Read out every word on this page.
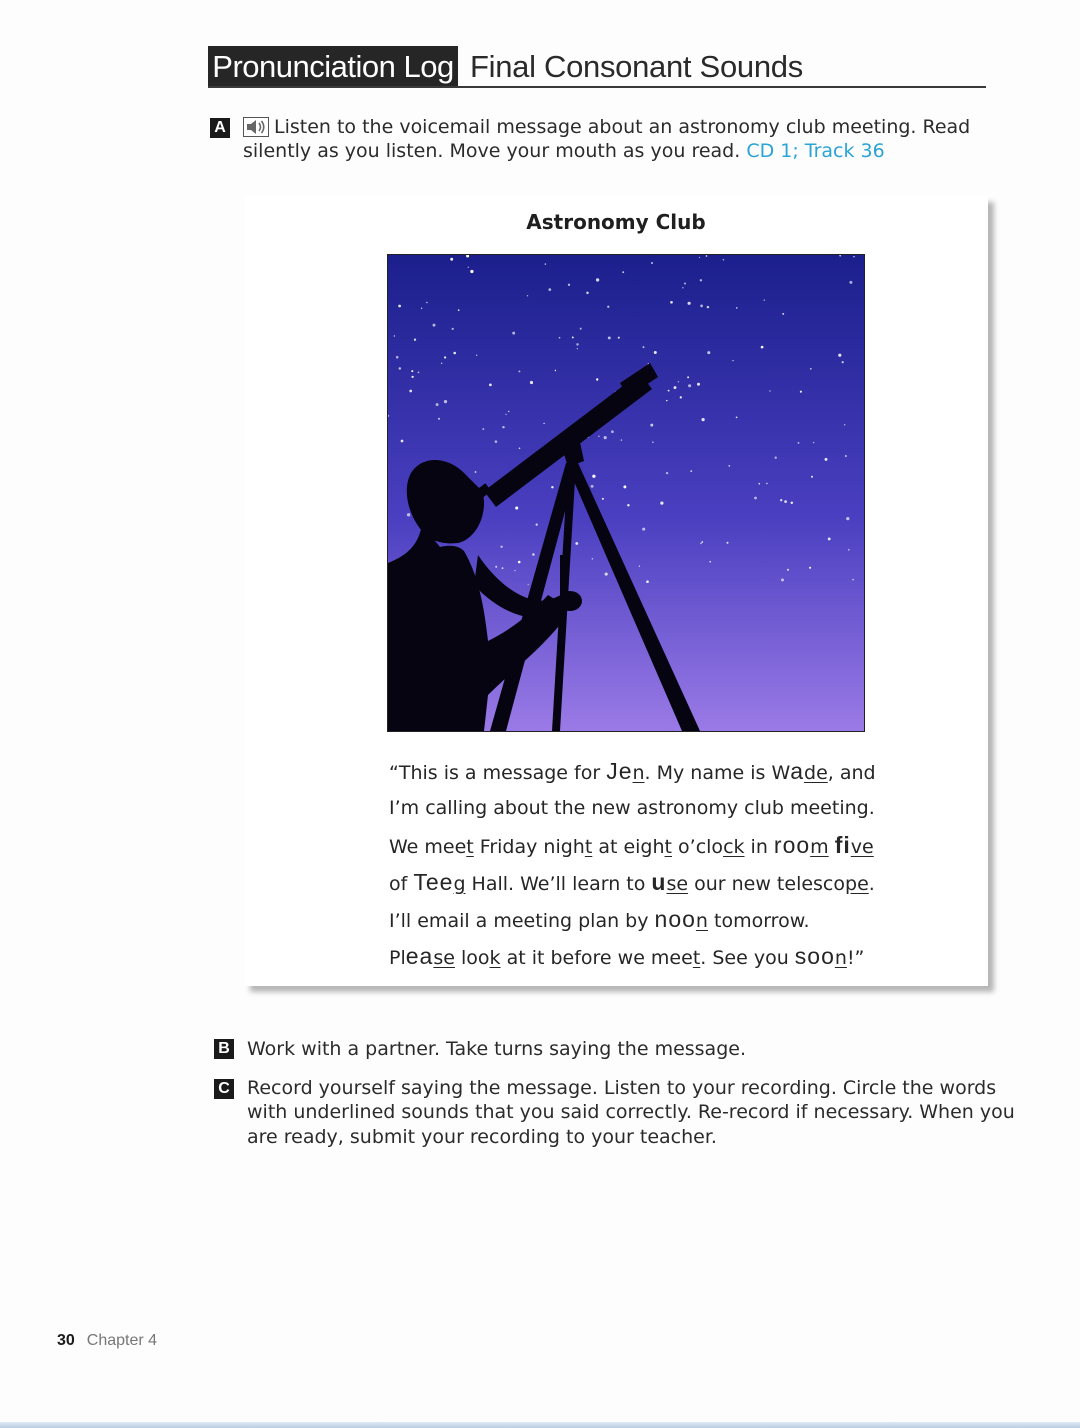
Pronunciation Log Final Consonant Sounds
A	Listen to the voicemail message about an astronomy club meeting. Read
silently as you listen. Move your mouth as you read. CD 1; Track 36
Astronomy Club
“This is a message for Jen. My name is Wade, and
I’m calling about the new astronomy club meeting.
We meet Friday night at eight o’clock in room five
of Teeg Hall. We’ll learn to use our new telescope.
I’ll email a meeting plan by noon tomorrow.
Please look at it before we meet. See you soon!”
B Work with a partner. Take turns saying the message.
C Record yourself saying the message. Listen to your recording. Circle the words
with underlined sounds that you said correctly. Re-record if necessary. When you
are ready, submit your recording to your teacher.
30 Chapter 4
